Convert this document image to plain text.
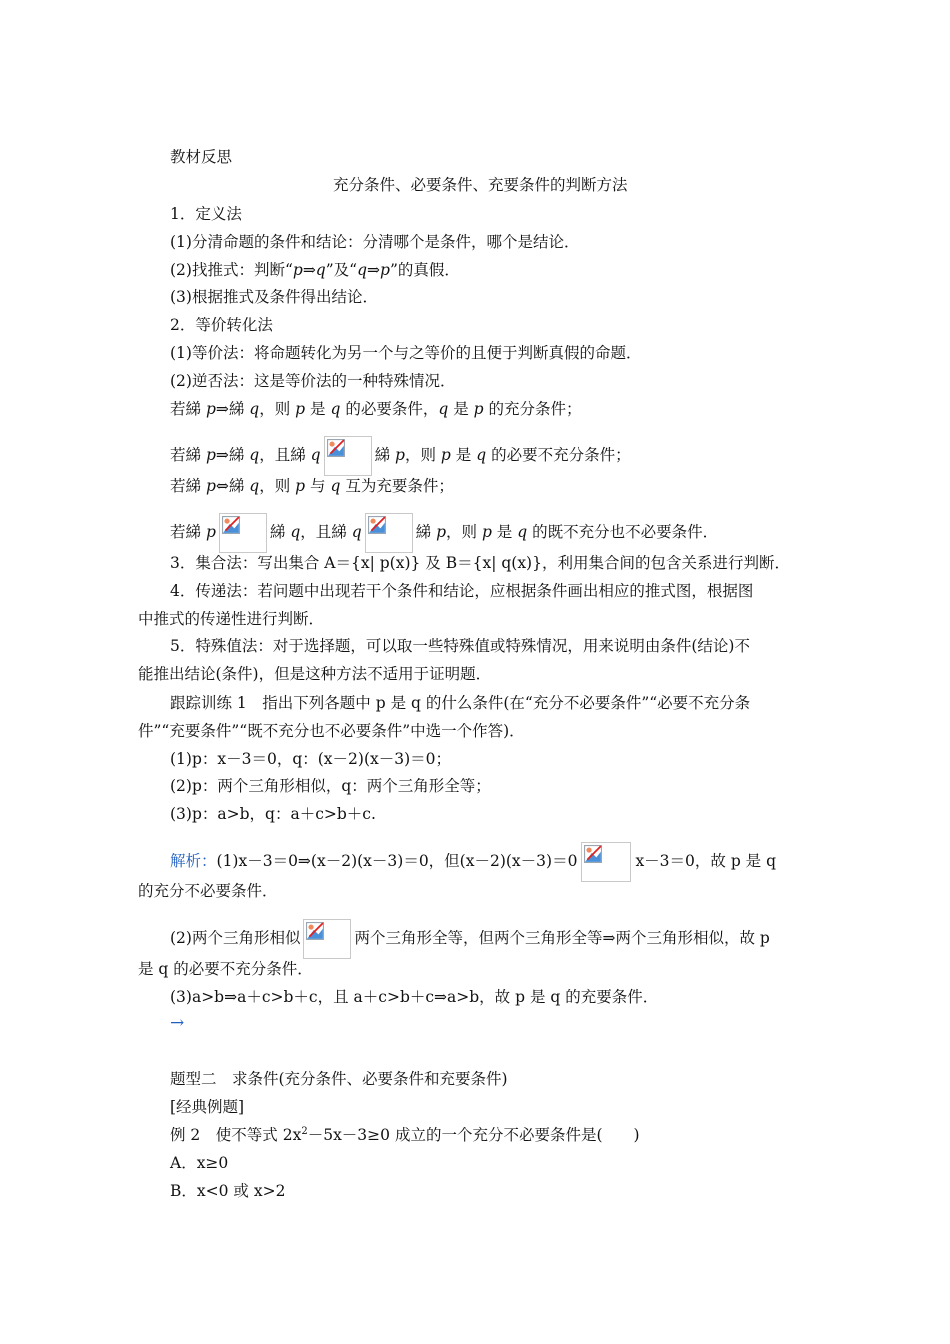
教材反思
充分条件、必要条件、充要条件的判断方法
1．定义法
(1)分清命题的条件和结论：分清哪个是条件，哪个是结论．
(2)找推式：判断“p⇒q”及“q⇒p”的真假．
(3)根据推式及条件得出结论．
2．等价转化法
(1)等价法：将命题转化为另一个与之等价的且便于判断真假的命题．
(2)逆否法：这是等价法的一种特殊情况．
若綈 p⇒綈 q，则 p 是 q 的必要条件，q 是 p 的充分条件；
若綈 p⇒綈 q，且綈 q	綈 p，则 p 是 q 的必要不充分条件；
若綈 p⇔綈 q，则 p 与 q 互为充要条件；
若綈 p	綈 q，且綈 q	綈 p，则 p 是 q 的既不充分也不必要条件．
3．集合法：写出集合 A＝{x| p(x)} 及 B＝{x| q(x)}，利用集合间的包含关系进行判断．
4．传递法：若问题中出现若干个条件和结论，应根据条件画出相应的推式图，根据图
中推式的传递性进行判断．
5．特殊值法：对于选择题，可以取一些特殊值或特殊情况，用来说明由条件(结论)不
能推出结论(条件)，但是这种方法不适用于证明题．
跟踪训练 1　指出下列各题中 p 是 q 的什么条件(在“充分不必要条件”“必要不充分条
件”“充要条件”“既不充分也不必要条件”中选一个作答)．
(1)p：x－3＝0，q：(x－2)(x－3)＝0；
(2)p：两个三角形相似，q：两个三角形全等；
(3)p：a>b，q：a＋c>b＋c.
解析：(1)x－3＝0⇒(x－2)(x－3)＝0，但(x－2)(x－3)＝0	x－3＝0，故 p 是 q
的充分不必要条件．
(2)两个三角形相似	两个三角形全等，但两个三角形全等⇒两个三角形相似，故 p
是 q 的必要不充分条件．
(3)a>b⇒a＋c>b＋c，且 a＋c>b＋c⇒a>b，故 p 是 q 的充要条件．
→
题型二　求条件(充分条件、必要条件和充要条件)
[经典例题]
例 2　使不等式 $2x^2-5x-3\ge 0$ 成立的一个充分不必要条件是(　　)
A．x≥0
B．x<0 或 x>2
